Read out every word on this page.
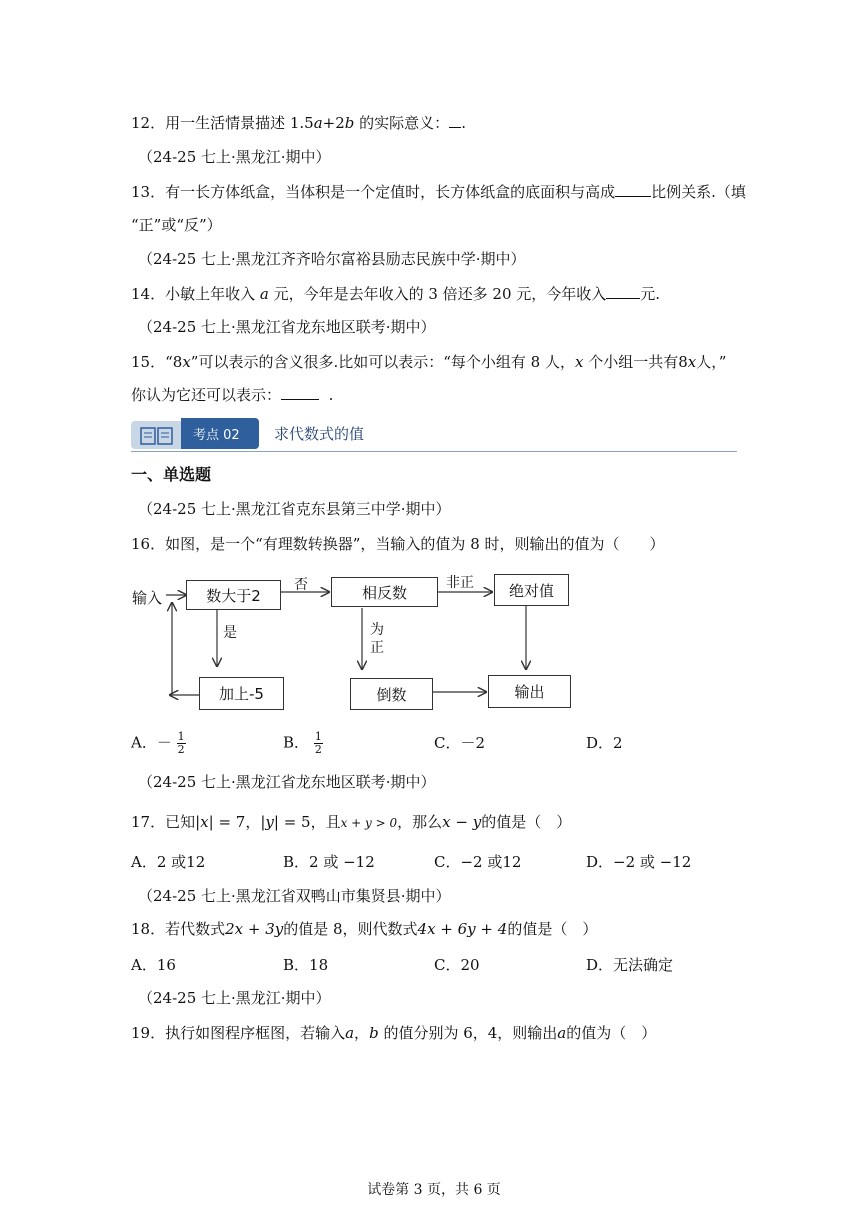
12．用一生活情景描述 1.5a+2b 的实际意义： .
（24-25 七上·黑龙江·期中）
13．有一长方体纸盒，当体积是一个定值时，长方体纸盒的底面积与高成 比例关系.（填
“正”或“反”）
（24-25 七上·黑龙江齐齐哈尔富裕县励志民族中学·期中）
14．小敏上年收入 a 元，今年是去年收入的 3 倍还多 20 元，今年收入 元.
（24-25 七上·黑龙江省龙东地区联考·期中）
15．“8x”可以表示的含义很多.比如可以表示：“每个小组有 8 人，x 个小组一共有8x人，”
你认为它还可以表示：	.
考点 02 求代数式的值
一、单选题
（24-25 七上·黑龙江省克东县第三中学·期中）
16．如图，是一个“有理数转换器”，当输入的值为 8 时，则输出的值为（　　）
输入	数大于2
否	相反数
非正	绝对值
是	为
正
加上-5	倒数	输出
A．－ $\frac{1}{2}$	B． $\frac{1}{2}$	C．－2	D．2
（24-25 七上·黑龙江省龙东地区联考·期中）
17．已知|x| = 7，|y| = 5，且x + y > 0，那么x − y的值是（　）
A．2 或12	B．2 或 −12	C．−2 或12	D．−2 或 −12
（24-25 七上·黑龙江省双鸭山市集贤县·期中）
18．若代数式2x + 3y的值是 8，则代数式4x + 6y + 4的值是（　）
A．16	B．18	C．20	D．无法确定
（24-25 七上·黑龙江·期中）
19．执行如图程序框图，若输入a，b 的值分别为 6，4，则输出a的值为（　）
试卷第 3 页，共 6 页
